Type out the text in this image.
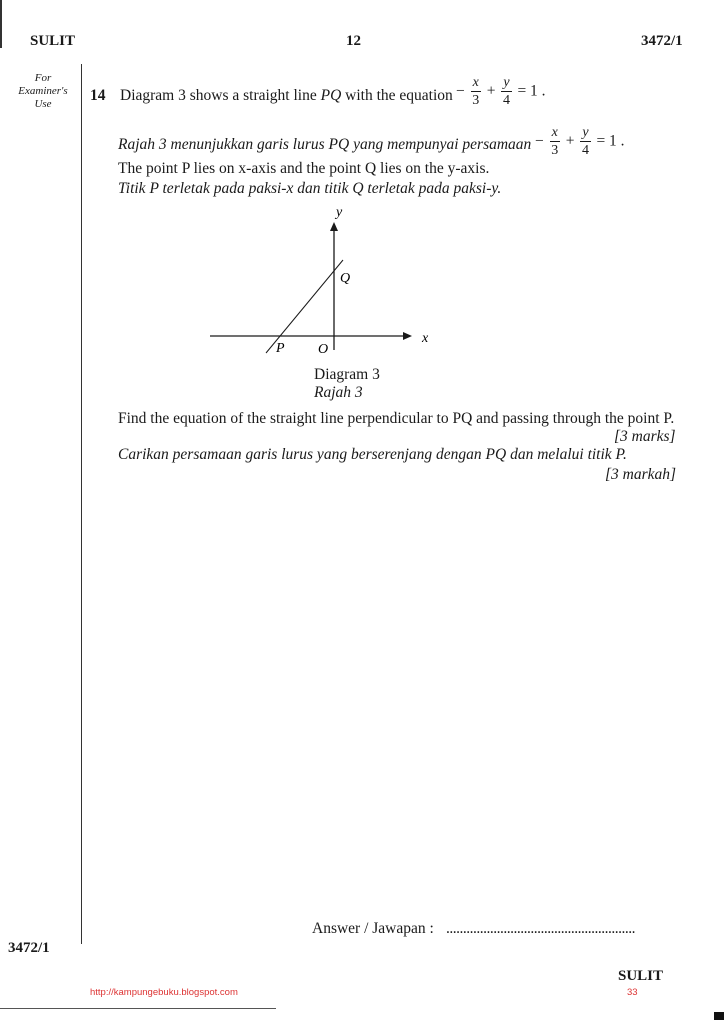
SULIT	12	3472/1
For
Examiner's
Use	14 Diagram 3 shows a straight line PQ with the equation − $\frac{x}{3} + \frac{y}{4} = 1$ .
Rajah 3 menunjukkan garis lurus PQ yang mempunyai persamaan − $\frac{x}{3} + \frac{y}{4} = 1$ .
The point P lies on x-axis and the point Q lies on the y-axis.
Titik P terletak pada paksi-x dan titik Q terletak pada paksi-y.
y
x
Q
P O
Diagram 3
Rajah 3
Find the equation of the straight line perpendicular to PQ and passing through the point P.
[3 marks]
Carikan persamaan garis lurus yang berserenjang dengan PQ dan melalui titik P.
[3 markah]
Answer / Jawapan : ........................................................
3472/1
SULIT
http://kampungebuku.blogspot.com	33
